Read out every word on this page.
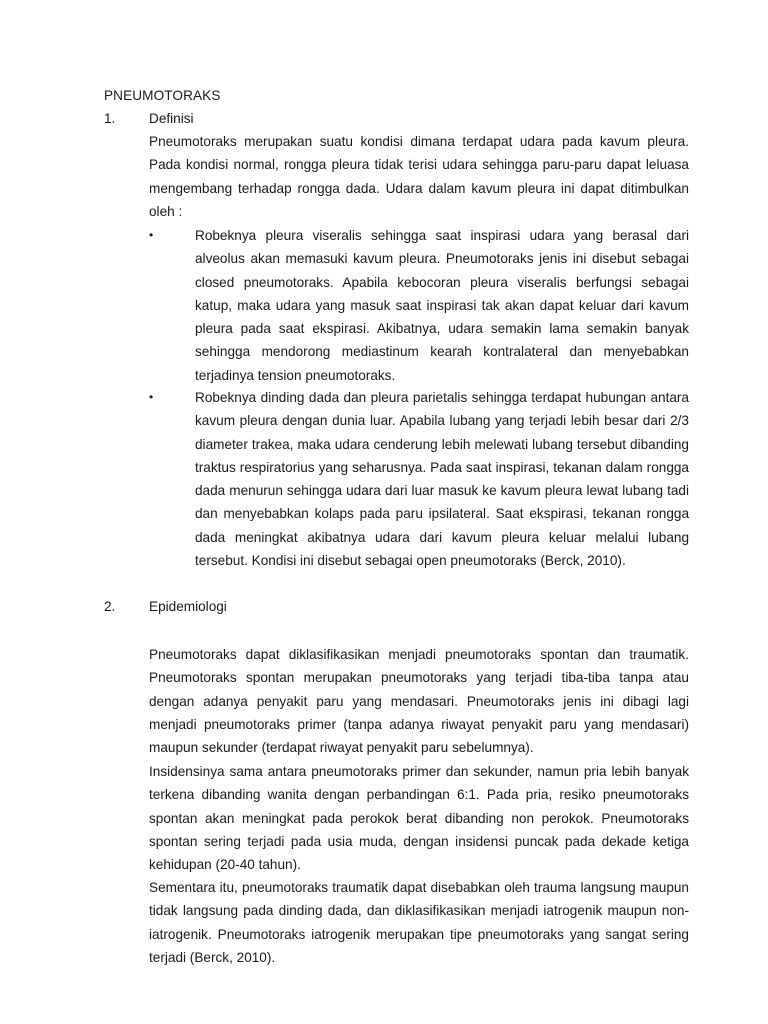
PNEUMOTORAKS
1. Definisi
Pneumotoraks merupakan suatu kondisi dimana terdapat udara pada kavum pleura. Pada kondisi normal, rongga pleura tidak terisi udara sehingga paru-paru dapat leluasa mengembang terhadap rongga dada. Udara dalam kavum pleura ini dapat ditimbulkan oleh :
•	Robeknya pleura viseralis sehingga saat inspirasi udara yang berasal dari alveolus akan memasuki kavum pleura. Pneumotoraks jenis ini disebut sebagai closed pneumotoraks. Apabila kebocoran pleura viseralis berfungsi sebagai katup, maka udara yang masuk saat inspirasi tak akan dapat keluar dari kavum pleura pada saat ekspirasi. Akibatnya, udara semakin lama semakin banyak sehingga mendorong mediastinum kearah kontralateral dan menyebabkan terjadinya tension pneumotoraks.
•	Robeknya dinding dada dan pleura parietalis sehingga terdapat hubungan antara kavum pleura dengan dunia luar. Apabila lubang yang terjadi lebih besar dari 2/3 diameter trakea, maka udara cenderung lebih melewati lubang tersebut dibanding traktus respiratorius yang seharusnya. Pada saat inspirasi, tekanan dalam rongga dada menurun sehingga udara dari luar masuk ke kavum pleura lewat lubang tadi dan menyebabkan kolaps pada paru ipsilateral. Saat ekspirasi, tekanan rongga dada meningkat akibatnya udara dari kavum pleura keluar melalui lubang tersebut. Kondisi ini disebut sebagai open pneumotoraks (Berck, 2010).
2. Epidemiologi
Pneumotoraks dapat diklasifikasikan menjadi pneumotoraks spontan dan traumatik. Pneumotoraks spontan merupakan pneumotoraks yang terjadi tiba-tiba tanpa atau dengan adanya penyakit paru yang mendasari. Pneumotoraks jenis ini dibagi lagi menjadi pneumotoraks primer (tanpa adanya riwayat penyakit paru yang mendasari) maupun sekunder (terdapat riwayat penyakit paru sebelumnya).
Insidensinya sama antara pneumotoraks primer dan sekunder, namun pria lebih banyak terkena dibanding wanita dengan perbandingan 6:1. Pada pria, resiko pneumotoraks spontan akan meningkat pada perokok berat dibanding non perokok. Pneumotoraks spontan sering terjadi pada usia muda, dengan insidensi puncak pada dekade ketiga kehidupan (20-40 tahun).
Sementara itu, pneumotoraks traumatik dapat disebabkan oleh trauma langsung maupun tidak langsung pada dinding dada, dan diklasifikasikan menjadi iatrogenik maupun non-iatrogenik. Pneumotoraks iatrogenik merupakan tipe pneumotoraks yang sangat sering terjadi (Berck, 2010).
